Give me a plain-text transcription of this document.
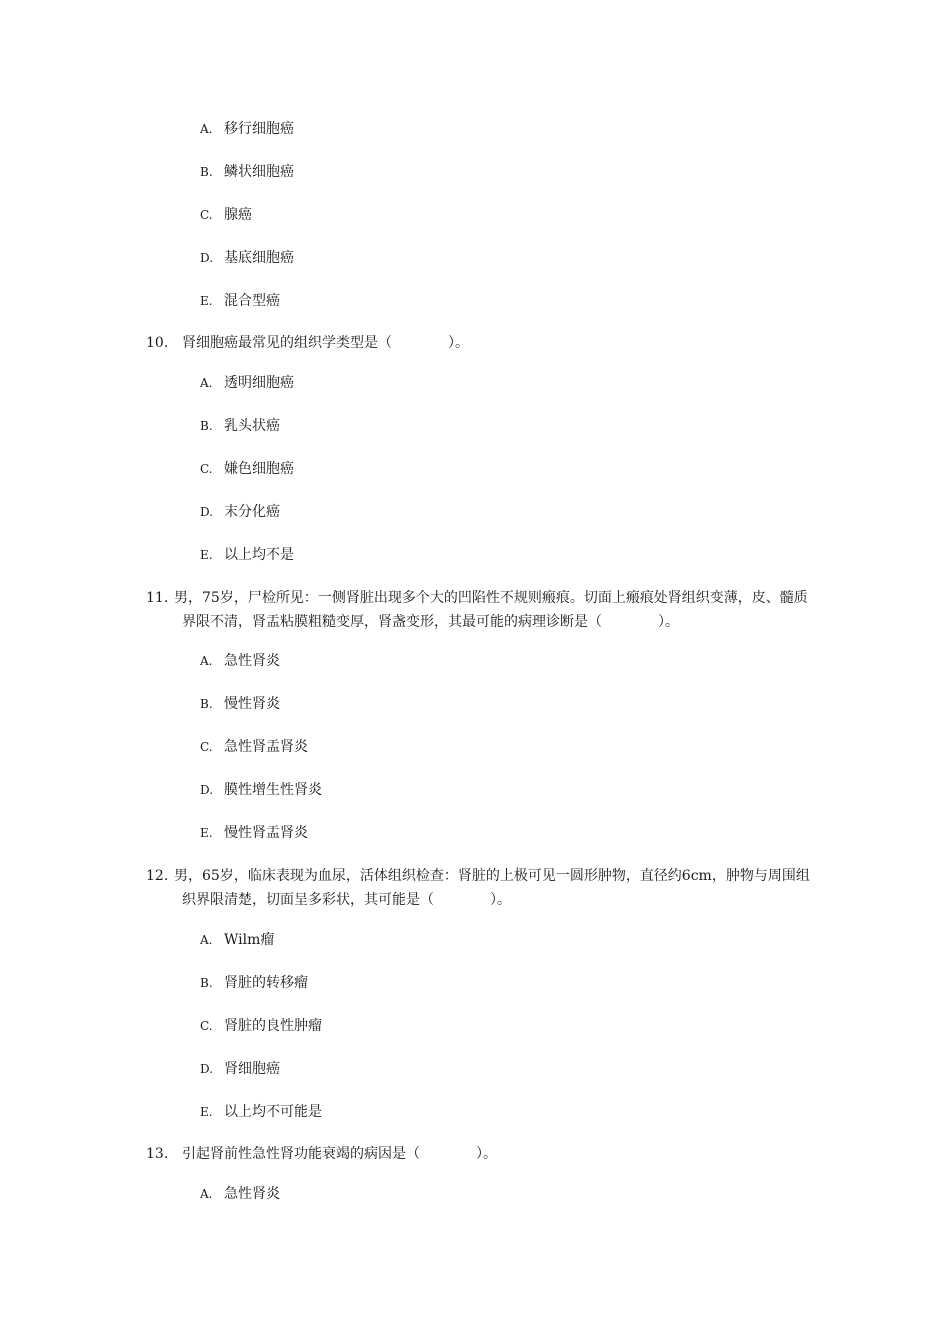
A. 移行细胞癌
B. 鳞状细胞癌
C. 腺癌
D. 基底细胞癌
E. 混合型癌
10. 肾细胞癌最常见的组织学类型是（　　　　）。
A. 透明细胞癌
B. 乳头状癌
C. 嫌色细胞癌
D. 末分化癌
E. 以上均不是
11. 男，75岁，尸检所见：一侧肾脏出现多个大的凹陷性不规则瘢痕。切面上瘢痕处肾组织变薄，皮、髓质界限不清，肾盂粘膜粗糙变厚，肾盏变形，其最可能的病理诊断是（　　　　）。
A. 急性肾炎
B. 慢性肾炎
C. 急性肾盂肾炎
D. 膜性增生性肾炎
E. 慢性肾盂肾炎
12. 男，65岁，临床表现为血尿，活体组织检查：肾脏的上极可见一圆形肿物，直径约6cm，肿物与周围组织界限清楚，切面呈多彩状，其可能是（　　　　）。
A. Wilm瘤
B. 肾脏的转移瘤
C. 肾脏的良性肿瘤
D. 肾细胞癌
E. 以上均不可能是
13. 引起肾前性急性肾功能衰竭的病因是（　　　　）。
A. 急性肾炎
